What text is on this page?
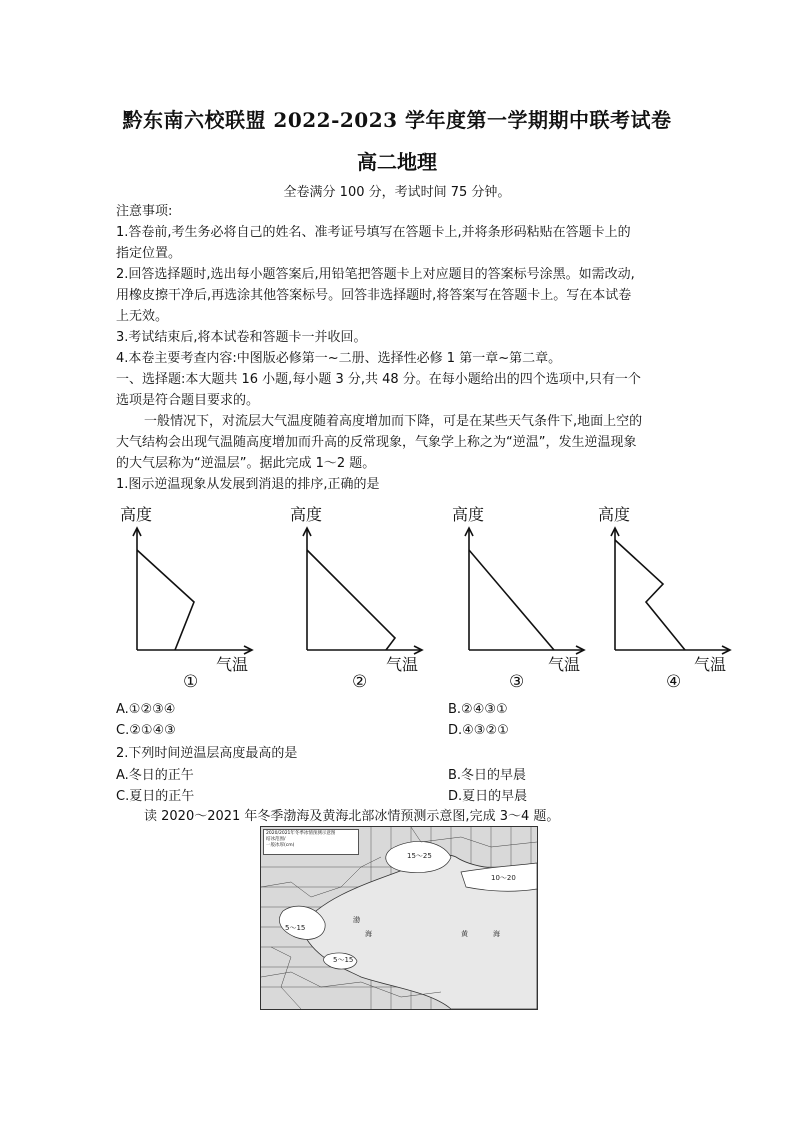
黔东南六校联盟 2022-2023 学年度第一学期期中联考试卷
高二地理
全卷满分 100 分，考试时间 75 分钟。
注意事项:
1.答卷前,考生务必将自己的姓名、准考证号填写在答题卡上,并将条形码粘贴在答题卡上的
指定位置。
2.回答选择题时,选出每小题答案后,用铅笔把答题卡上对应题目的答案标号涂黑。如需改动,
用橡皮擦干净后,再选涂其他答案标号。回答非选择题时,将答案写在答题卡上。写在本试卷
上无效。
3.考试结束后,将本试卷和答题卡一并收回。
4.本卷主要考查内容:中图版必修第一~二册、选择性必修 1 第一章~第二章。
一、选择题:本大题共 16 小题,每小题 3 分,共 48 分。在每小题给出的四个选项中,只有一个
选项是符合题目要求的。
一般情况下，对流层大气温度随着高度增加而下降，可是在某些天气条件下,地面上空的
大气结构会出现气温随高度增加而升高的反常现象，气象学上称之为“逆温”，发生逆温现象
的大气层称为“逆温层”。据此完成 1～2 题。
1.图示逆温现象从发展到消退的排序,正确的是
高度
气温
①
高度
气温
②
高度
气温
③
高度
气温
④
A.①②③④	B.②④③①
C.②①④③	D.④③②①
2.下列时间逆温层高度最高的是
A.冬日的正午	B.冬日的早晨
C.夏日的正午	D.夏日的早晨
读 2020～2021 年冬季渤海及黄海北部冰情预测示意图,完成 3～4 题。
2020/2021年冬季冰情预测示意图
结冰范围/
一般冰厚(cm)
15～25
10～20
渤
海	黄	海
5～15
5～15
